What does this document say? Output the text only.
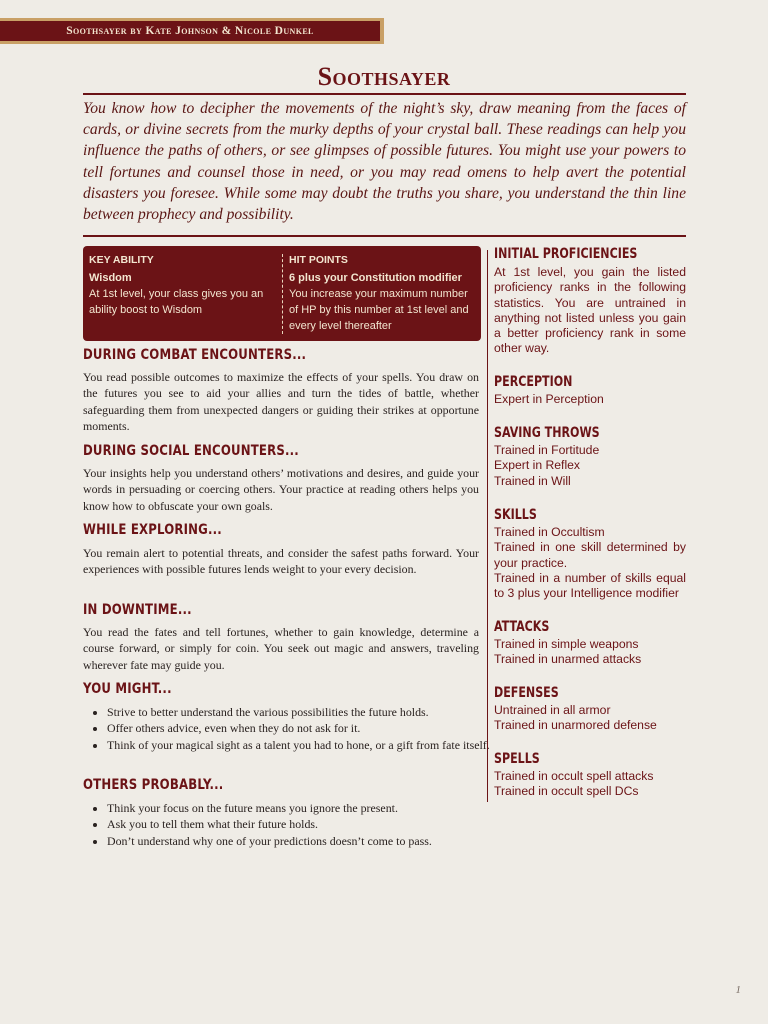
Soothsayer by Kate Johnson & Nicole Dunkel
Soothsayer
You know how to decipher the movements of the night’s sky, draw meaning from the faces of cards, or divine secrets from the murky depths of your crystal ball. These readings can help you influence the paths of others, or see glimpses of possible futures. You might use your powers to tell fortunes and counsel those in need, or you may read omens to help avert the potential disasters you foresee. While some may doubt the truths you share, you understand the thin line between prophecy and possibility.
KEY ABILITY
Wisdom
At 1st level, your class gives you an ability boost to Wisdom
HIT POINTS
6 plus your Constitution modifier
You increase your maximum number of HP by this number at 1st level and every level thereafter
DURING COMBAT ENCOUNTERS...
You read possible outcomes to maximize the effects of your spells. You draw on the futures you see to aid your allies and turn the tides of battle, whether safeguarding them from unexpected dangers or guiding their strikes at opportune moments.
DURING SOCIAL ENCOUNTERS...
Your insights help you understand others’ motivations and desires, and guide your words in persuading or coercing others. Your practice at reading others helps you know how to obfuscate your own goals.
WHILE EXPLORING...
You remain alert to potential threats, and consider the safest paths forward. Your experiences with possible futures lends weight to your every decision.
IN DOWNTIME...
You read the fates and tell fortunes, whether to gain knowledge, determine a course forward, or simply for coin. You seek out magic and answers, traveling wherever fate may guide you.
YOU MIGHT...
• Strive to better understand the various possibilities the future holds.
• Offer others advice, even when they do not ask for it.
• Think of your magical sight as a talent you had to hone, or a gift from fate itself.
OTHERS PROBABLY...
• Think your focus on the future means you ignore the present.
• Ask you to tell them what their future holds.
• Don’t understand why one of your predictions doesn’t come to pass.
INITIAL PROFICIENCIES
At 1st level, you gain the listed proficiency ranks in the following statistics. You are untrained in anything not listed unless you gain a better proficiency rank in some other way.
PERCEPTION
Expert in Perception
SAVING THROWS
Trained in Fortitude
Expert in Reflex
Trained in Will
SKILLS
Trained in Occultism
Trained in one skill determined by your practice.
Trained in a number of skills equal to 3 plus your Intelligence modifier
ATTACKS
Trained in simple weapons
Trained in unarmed attacks
DEFENSES
Untrained in all armor
Trained in unarmored defense
SPELLS
Trained in occult spell attacks
Trained in occult spell DCs
1
